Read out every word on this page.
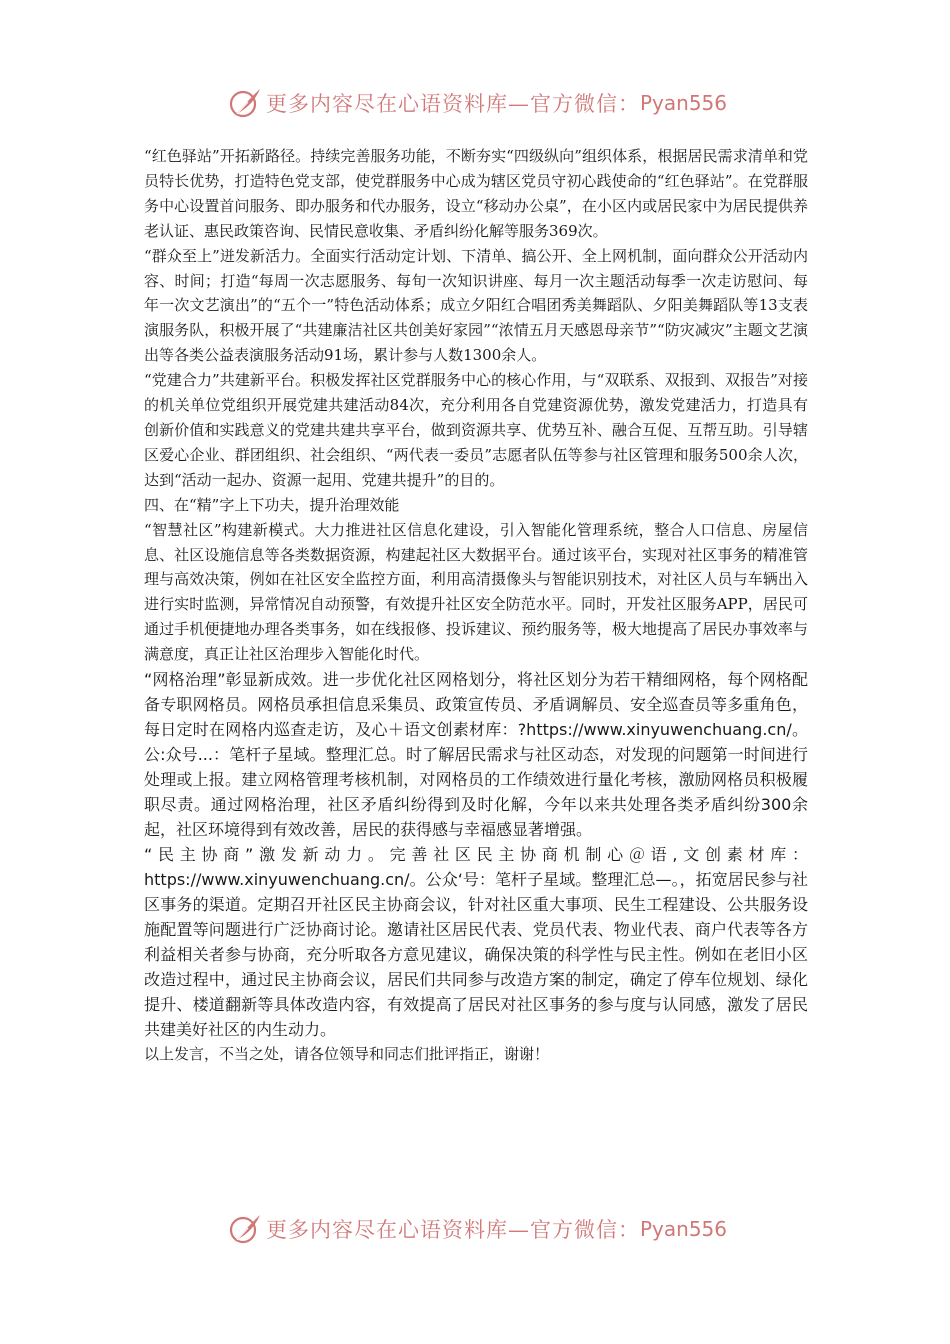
更多内容尽在心语资料库—官方微信： Pyan556

“红色驿站”开拓新路径。持续完善服务功能，不断夯实“四级纵向”组织体系，根据居民需求清单和党员特长优势，打造特色党支部，使党群服务中心成为辖区党员守初心践使命的“红色驿站”。在党群服务中心设置首问服务、即办服务和代办服务，设立“移动办公桌”，在小区内或居民家中为居民提供养老认证、惠民政策咨询、民情民意收集、矛盾纠纷化解等服务369次。

“群众至上”迸发新活力。全面实行活动定计划、下清单、搞公开、全上网机制，面向群众公开活动内容、时间；打造“每周一次志愿服务、每旬一次知识讲座、每月一次主题活动每季一次走访慰问、每年一次文艺演出”的“五个一”特色活动体系；成立夕阳红合唱团秀美舞蹈队、夕阳美舞蹈队等13支表演服务队，积极开展了“共建廉洁社区共创美好家园”“浓情五月天感恩母亲节”“防灾减灾”主题文艺演出等各类公益表演服务活动91场，累计参与人数1300余人。

“党建合力”共建新平台。积极发挥社区党群服务中心的核心作用，与“双联系、双报到、双报告”对接的机关单位党组织开展党建共建活动84次，充分利用各自党建资源优势，激发党建活力，打造具有创新价值和实践意义的党建共建共享平台，做到资源共享、优势互补、融合互促、互帮互助。引导辖区爱心企业、群团组织、社会组织、“两代表一委员”志愿者队伍等参与社区管理和服务500余人次，达到“活动一起办、资源一起用、党建共提升”的目的。

四、在“精”字上下功夫，提升治理效能

“智慧社区”构建新模式。大力推进社区信息化建设，引入智能化管理系统，整合人口信息、房屋信息、社区设施信息等各类数据资源，构建起社区大数据平台。通过该平台，实现对社区事务的精准管理与高效决策，例如在社区安全监控方面，利用高清摄像头与智能识别技术，对社区人员与车辆出入进行实时监测，异常情况自动预警，有效提升社区安全防范水平。同时，开发社区服务APP，居民可通过手机便捷地办理各类事务，如在线报修、投诉建议、预约服务等，极大地提高了居民办事效率与满意度，真正让社区治理步入智能化时代。

“网格治理”彰显新成效。进一步优化社区网格划分，将社区划分为若干精细网格，每个网格配备专职网格员。网格员承担信息采集员、政策宣传员、矛盾调解员、安全巡查员等多重角色，每日定时在网格内巡查走访，及心＋语文创素材库：?https://www.xinyuwenchuang.cn/。公:众号...：笔杆子星域。整理汇总。时了解居民需求与社区动态，对发现的问题第一时间进行处理或上报。建立网格管理考核机制，对网格员的工作绩效进行量化考核，激励网格员积极履职尽责。通过网格治理，社区矛盾纠纷得到及时化解，今年以来共处理各类矛盾纠纷300余起，社区环境得到有效改善，居民的获得感与幸福感显著增强。

“民主协商”激发新动力。完善社区民主协商机制心＠语,文创素材库：https://www.xinyuwenchuang.cn/。公众‘号：笔杆子星域。整理汇总—。，拓宽居民参与社区事务的渠道。定期召开社区民主协商会议，针对社区重大事项、民生工程建设、公共服务设施配置等问题进行广泛协商讨论。邀请社区居民代表、党员代表、物业代表、商户代表等各方利益相关者参与协商，充分听取各方意见建议，确保决策的科学性与民主性。例如在老旧小区改造过程中，通过民主协商会议，居民们共同参与改造方案的制定，确定了停车位规划、绿化提升、楼道翻新等具体改造内容，有效提高了居民对社区事务的参与度与认同感，激发了居民共建美好社区的内生动力。

以上发言，不当之处，请各位领导和同志们批评指正，谢谢！

更多内容尽在心语资料库—官方微信： Pyan556
